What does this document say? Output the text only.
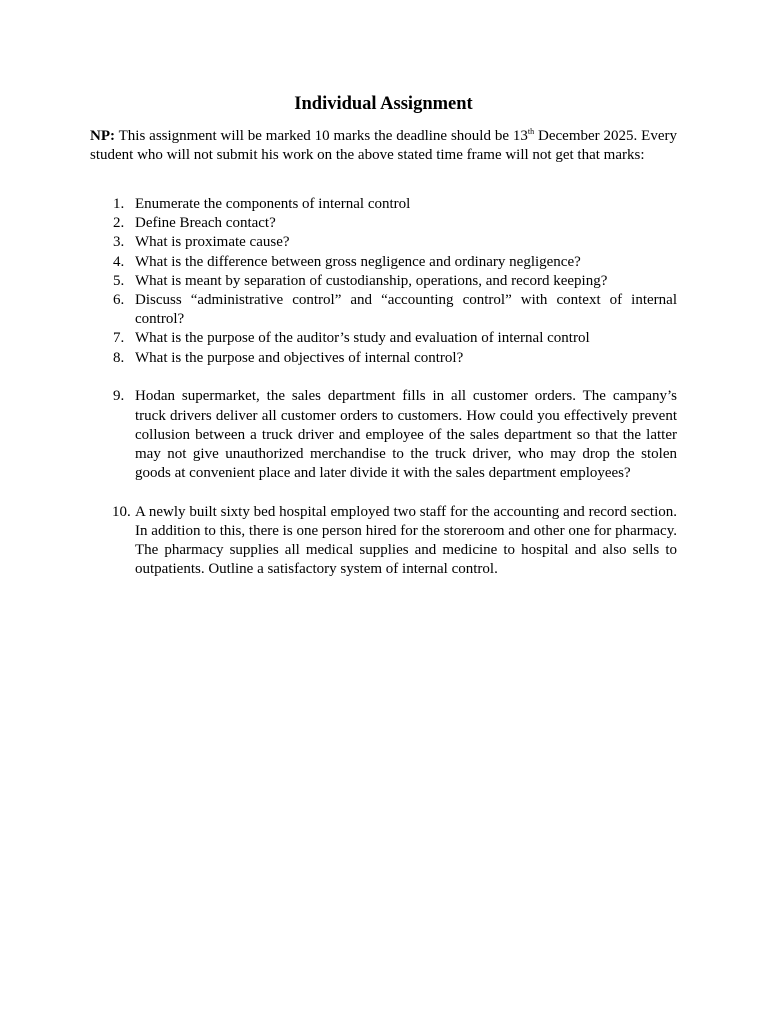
Individual Assignment

NP: This assignment will be marked 10 marks the deadline should be 13th December 2025. Every student who will not submit his work on the above stated time frame will not get that marks:

1. Enumerate the components of internal control
2. Define Breach contact?
3. What is proximate cause?
4. What is the difference between gross negligence and ordinary negligence?
5. What is meant by separation of custodianship, operations, and record keeping?
6. Discuss “administrative control” and “accounting control” with context of internal control?
7. What is the purpose of the auditor’s study and evaluation of internal control
8. What is the purpose and objectives of internal control?
9. Hodan supermarket, the sales department fills in all customer orders. The campany’s truck drivers deliver all customer orders to customers. How could you effectively prevent collusion between a truck driver and employee of the sales department so that the latter may not give unauthorized merchandise to the truck driver, who may drop the stolen goods at convenient place and later divide it with the sales department employees?
10. A newly built sixty bed hospital employed two staff for the accounting and record section. In addition to this, there is one person hired for the storeroom and other one for pharmacy. The pharmacy supplies all medical supplies and medicine to hospital and also sells to outpatients. Outline a satisfactory system of internal control.
